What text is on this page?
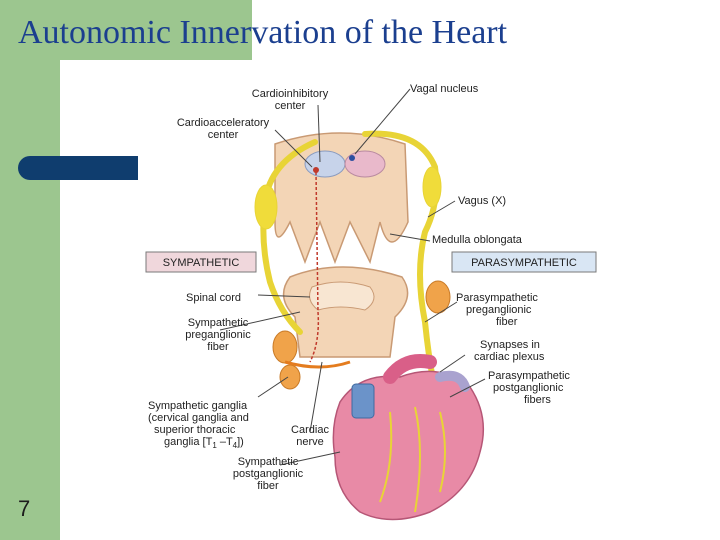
Autonomic Innervation of the Heart
7
SYMPATHETIC	PARASYMPATHETIC
Cardioinhibitory
center
Vagal nucleus
Cardioacceleratory
center
Vagus (X)
Medulla oblongata
Spinal cord	Parasympathetic
preganglionic
fiber
Sympathetic
preganglionic
fiber	Synapses in
cardiac plexus
Parasympathetic
postganglionic
fibers
Sympathetic ganglia
(cervical ganglia and
superior thoracic
ganglia [$T_1$ $-T_4$])
Cardiac
nerve
Sympathetic
postganglionic
fiber
